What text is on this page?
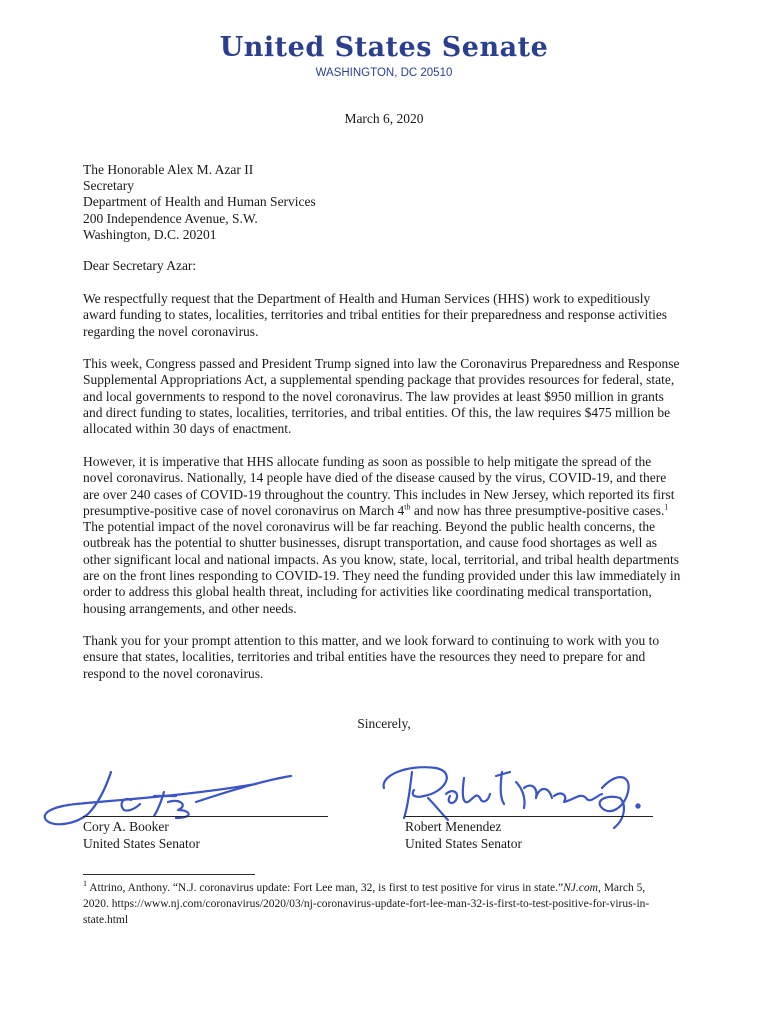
United States Senate
WASHINGTON, DC 20510
March 6, 2020
The Honorable Alex M. Azar II
Secretary
Department of Health and Human Services
200 Independence Avenue, S.W.
Washington, D.C. 20201
Dear Secretary Azar:
We respectfully request that the Department of Health and Human Services (HHS) work to expeditiously award funding to states, localities, territories and tribal entities for their preparedness and response activities regarding the novel coronavirus.
This week, Congress passed and President Trump signed into law the Coronavirus Preparedness and Response Supplemental Appropriations Act, a supplemental spending package that provides resources for federal, state, and local governments to respond to the novel coronavirus. The law provides at least $950 million in grants and direct funding to states, localities, territories, and tribal entities. Of this, the law requires $475 million be allocated within 30 days of enactment.
However, it is imperative that HHS allocate funding as soon as possible to help mitigate the spread of the novel coronavirus. Nationally, 14 people have died of the disease caused by the virus, COVID-19, and there are over 240 cases of COVID-19 throughout the country. This includes in New Jersey, which reported its first presumptive-positive case of novel coronavirus on March 4th and now has three presumptive-positive cases.$^1$ The potential impact of the novel coronavirus will be far reaching. Beyond the public health concerns, the outbreak has the potential to shutter businesses, disrupt transportation, and cause food shortages as well as other significant local and national impacts. As you know, state, local, territorial, and tribal health departments are on the front lines responding to COVID-19. They need the funding provided under this law immediately in order to address this global health threat, including for activities like coordinating medical transportation, housing arrangements, and other needs.
Thank you for your prompt attention to this matter, and we look forward to continuing to work with you to ensure that states, localities, territories and tribal entities have the resources they need to prepare for and respond to the novel coronavirus.
Sincerely,
Cory A. Booker
United States Senator
Robert Menendez
United States Senator
$^1$ Attrino, Anthony. “N.J. coronavirus update: Fort Lee man, 32, is first to test positive for virus in state.”NJ.com, March 5, 2020. https://www.nj.com/coronavirus/2020/03/nj-coronavirus-update-fort-lee-man-32-is-first-to-test-positive-for-virus-in-state.html
